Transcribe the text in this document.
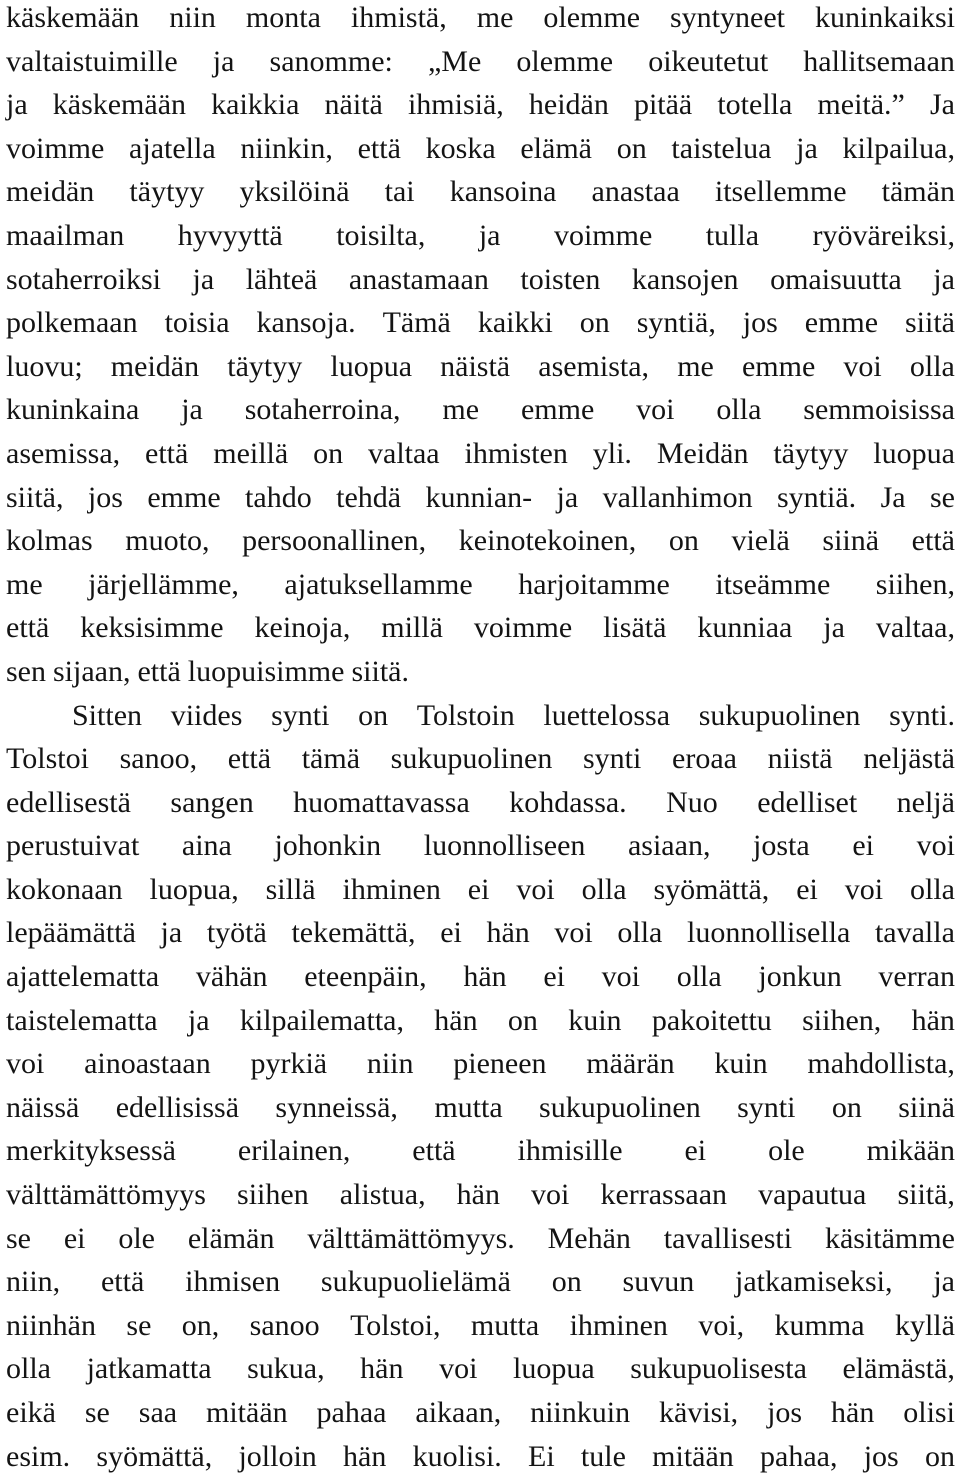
käskemään niin monta ihmistä, me olemme syntyneet kuninkaiksi
valtaistuimille ja sanomme: „Me olemme oikeutetut hallitsemaan
ja käskemään kaikkia näitä ihmisiä, heidän pitää totella meitä.” Ja
voimme ajatella niinkin, että koska elämä on taistelua ja kilpailua,
meidän täytyy yksilöinä tai kansoina anastaa itsellemme tämän
maailman hyvyyttä toisilta, ja voimme tulla ryöväreiksi,
sotaherroiksi ja lähteä anastamaan toisten kansojen omaisuutta ja
polkemaan toisia kansoja. Tämä kaikki on syntiä, jos emme siitä
luovu; meidän täytyy luopua näistä asemista, me emme voi olla
kuninkaina ja sotaherroina, me emme voi olla semmoisissa
asemissa, että meillä on valtaa ihmisten yli. Meidän täytyy luopua
siitä, jos emme tahdo tehdä kunnian- ja vallanhimon syntiä. Ja se
kolmas muoto, persoonallinen, keinotekoinen, on vielä siinä että
me järjellämme, ajatuksellamme harjoitamme itseämme siihen,
että keksisimme keinoja, millä voimme lisätä kunniaa ja valtaa,
sen sijaan, että luopuisimme siitä.
Sitten viides synti on Tolstoin luettelossa sukupuolinen synti.
Tolstoi sanoo, että tämä sukupuolinen synti eroaa niistä neljästä
edellisestä sangen huomattavassa kohdassa. Nuo edelliset neljä
perustuivat aina johonkin luonnolliseen asiaan, josta ei voi
kokonaan luopua, sillä ihminen ei voi olla syömättä, ei voi olla
lepäämättä ja työtä tekemättä, ei hän voi olla luonnollisella tavalla
ajattelematta vähän eteenpäin, hän ei voi olla jonkun verran
taistelematta ja kilpailematta, hän on kuin pakoitettu siihen, hän
voi ainoastaan pyrkiä niin pieneen määrän kuin mahdollista,
näissä edellisissä synneissä, mutta sukupuolinen synti on siinä
merkityksessä erilainen, että ihmisille ei ole mikään
välttämättömyys siihen alistua, hän voi kerrassaan vapautua siitä,
se ei ole elämän välttämättömyys. Mehän tavallisesti käsitämme
niin, että ihmisen sukupuolielämä on suvun jatkamiseksi, ja
niinhän se on, sanoo Tolstoi, mutta ihminen voi, kumma kyllä
olla jatkamatta sukua, hän voi luopua sukupuolisesta elämästä,
eikä se saa mitään pahaa aikaan, niinkuin kävisi, jos hän olisi
esim. syömättä, jolloin hän kuolisi. Ei tule mitään pahaa, jos on
